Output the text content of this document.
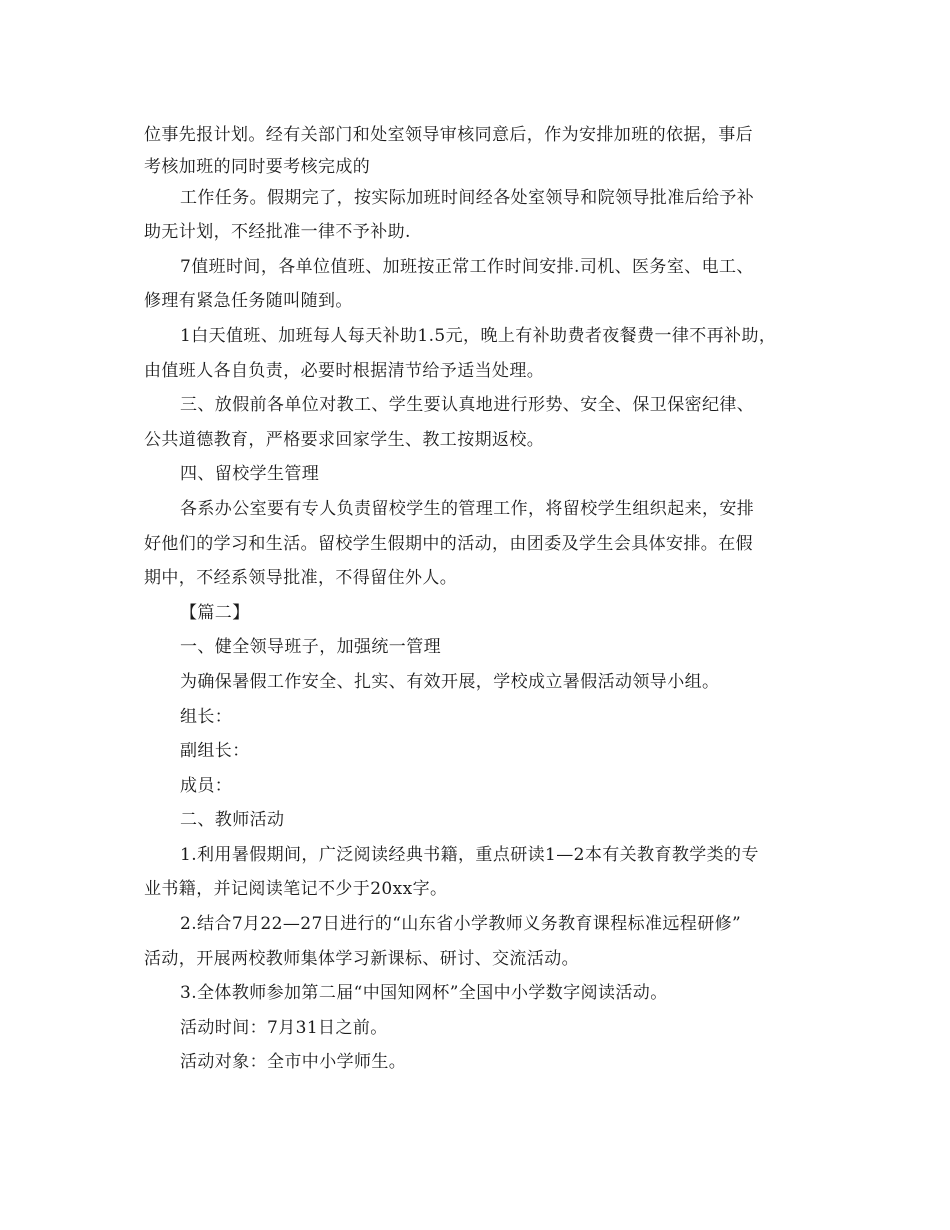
位事先报计划。经有关部门和处室领导审核同意后，作为安排加班的依据，事后
考核加班的同时要考核完成的
工作任务。假期完了，按实际加班时间经各处室领导和院领导批准后给予补
助无计划，不经批准一律不予补助.
7值班时间，各单位值班、加班按正常工作时间安排.司机、医务室、电工、
修理有紧急任务随叫随到。
1白天值班、加班每人每天补助1.5元，晚上有补助费者夜餐费一律不再补助，
由值班人各自负责，必要时根据清节给予适当处理。
三、放假前各单位对教工、学生要认真地进行形势、安全、保卫保密纪律、
公共道德教育，严格要求回家学生、教工按期返校。
四、留校学生管理
各系办公室要有专人负责留校学生的管理工作，将留校学生组织起来，安排
好他们的学习和生活。留校学生假期中的活动，由团委及学生会具体安排。在假
期中，不经系领导批准，不得留住外人。
【篇二】
一、健全领导班子，加强统一管理
为确保暑假工作安全、扎实、有效开展，学校成立暑假活动领导小组。
组长：
副组长：
成员：
二、教师活动
1.利用暑假期间，广泛阅读经典书籍，重点研读1—2本有关教育教学类的专
业书籍，并记阅读笔记不少于20xx字。
2.结合7月22—27日进行的“山东省小学教师义务教育课程标准远程研修”
活动，开展两校教师集体学习新课标、研讨、交流活动。
3.全体教师参加第二届“中国知网杯”全国中小学数字阅读活动。
活动时间：7月31日之前。
活动对象：全市中小学师生。
